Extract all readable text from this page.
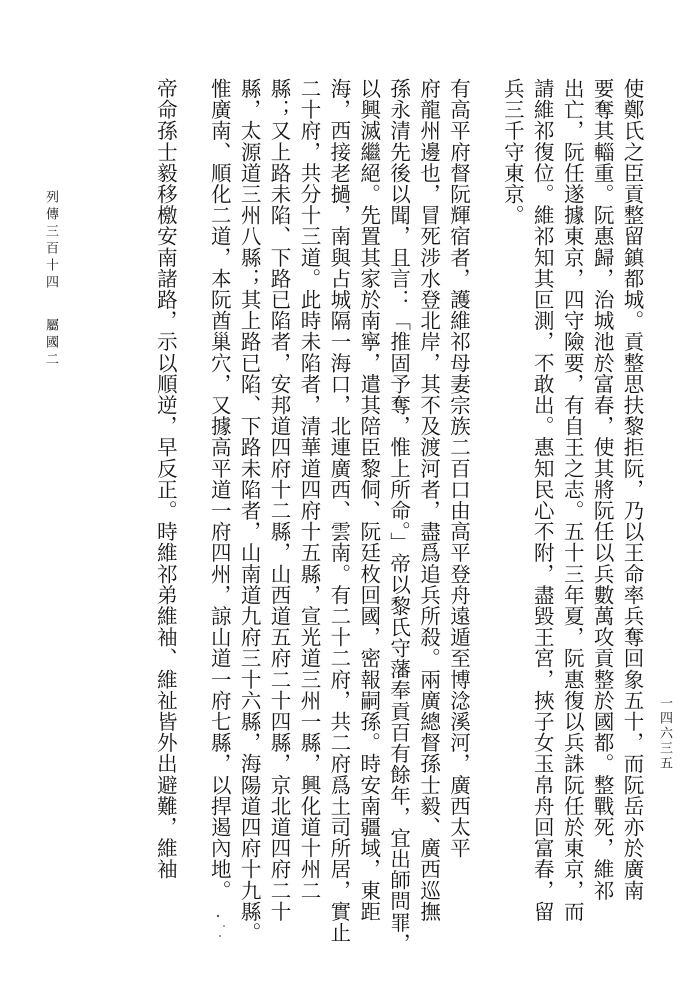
列傳三百十四屬國二	使鄭氏之臣貢整留鎮都城。貢整思扶黎拒阮，乃以王命率兵奪回象五十，而阮岳亦於廣南
要奪其輜重。阮惠歸，治城池於富春，使其將阮任以兵數萬攻貢整於國都。整戰死，維祁
出亡，阮任遂據東京，四守險要，有自王之志。五十三年夏，阮惠復以兵誅阮任於東京，而
請維祁復位。維祁知其叵測，不敢出。惠知民心不附，盡毀王宮，挾子女玉帛舟回富春，留
兵三千守東京。
有高平府督阮輝宿者，護維祁母妻宗族二百口由高平登舟遠遁至博淰溪河，廣西太平
府龍州邊也，冒死涉水登北岸，其不及渡河者，盡爲追兵所殺。兩廣總督孫士毅、廣西巡撫
孫永清先後以聞，且言：「推固予奪，惟上所命。」帝以黎氏守藩奉貢百有餘年，宜出師問罪，
以興滅繼絕。先置其家於南寧，遣其陪臣黎侗、阮廷枚回國，密報嗣孫。時安南疆域，東距
海，西接老撾，南與占城隔一海口，北連廣西、雲南。有二十二府，共二府爲土司所居，實止
二十府，共分十三道。此時未陷者，清華道四府十五縣，宣光道三州一縣，興化道十州二
縣；又上路未陷、下路已陷者，安邦道四府十二縣，山西道五府二十四縣，京北道四府二十
縣，太源道三州八縣；其上路已陷、下路未陷者，山南道九府三十六縣，海陽道四府十九縣。
惟廣南、順化二道，本阮酋巢穴，又據高平道一府四州，諒山道一府七縣，以捍遏內地。
帝命孫士毅移檄安南諸路，示以順逆，早反正。時維祁弟維袖、維祉皆外出避難，維袖	一四六三五
